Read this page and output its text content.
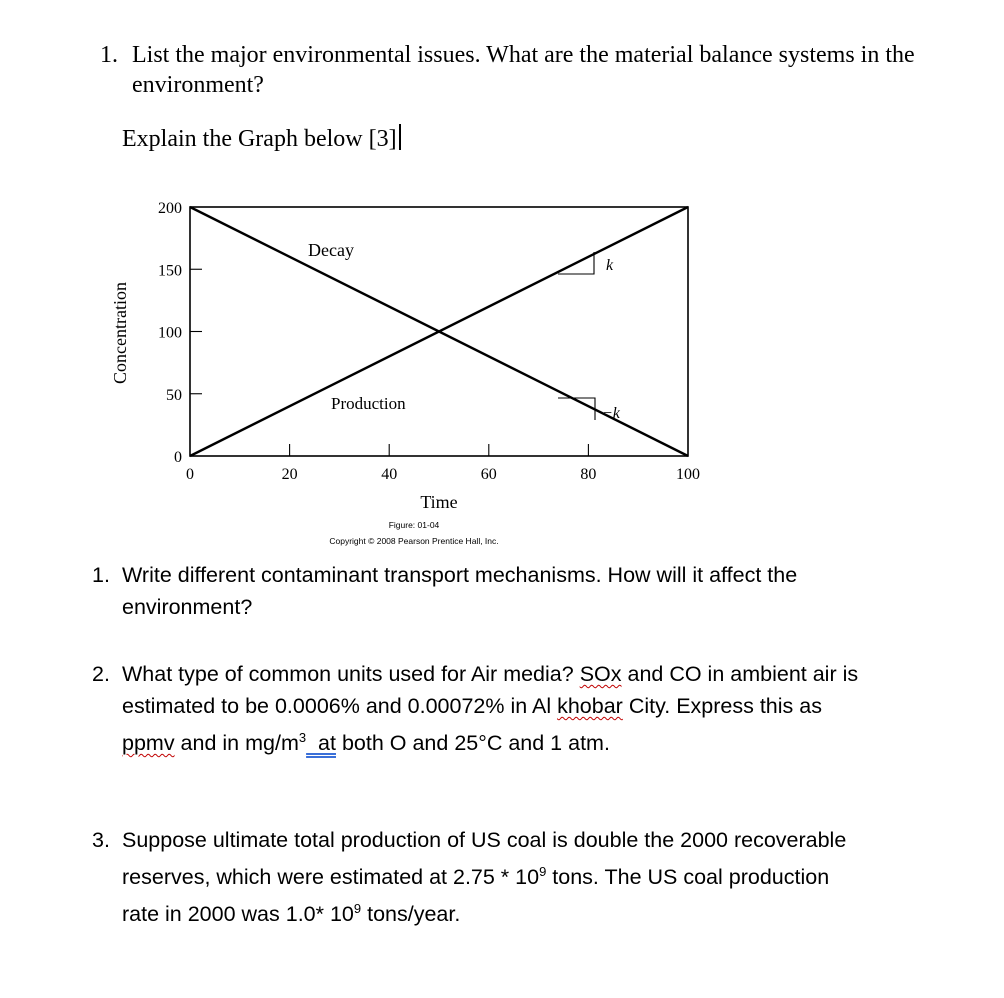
1. List the major environmental issues. What are the material balance systems in the environment?
Explain the Graph below [3]
0
50
100
150
200
0	20	40	60	80	100
Decay
Production
k
−k
Concentration
Time
Figure: 01-04
Copyright © 2008 Pearson Prentice Hall, Inc.
1. Write different contaminant transport mechanisms. How will it affect the
environment?
2. What type of common units used for Air media? SOx and CO in ambient air is
estimated to be 0.0006% and 0.00072% in Al khobar City. Express this as
ppmv and in $mg/m^3$  at both O and 25°C and 1 atm.
3. Suppose ultimate total production of US coal is double the 2000 recoverable
reserves, which were estimated at $2.75 * 10^9$ tons. The US coal production
rate in 2000 was 1.0* $10^9$ tons/year.
